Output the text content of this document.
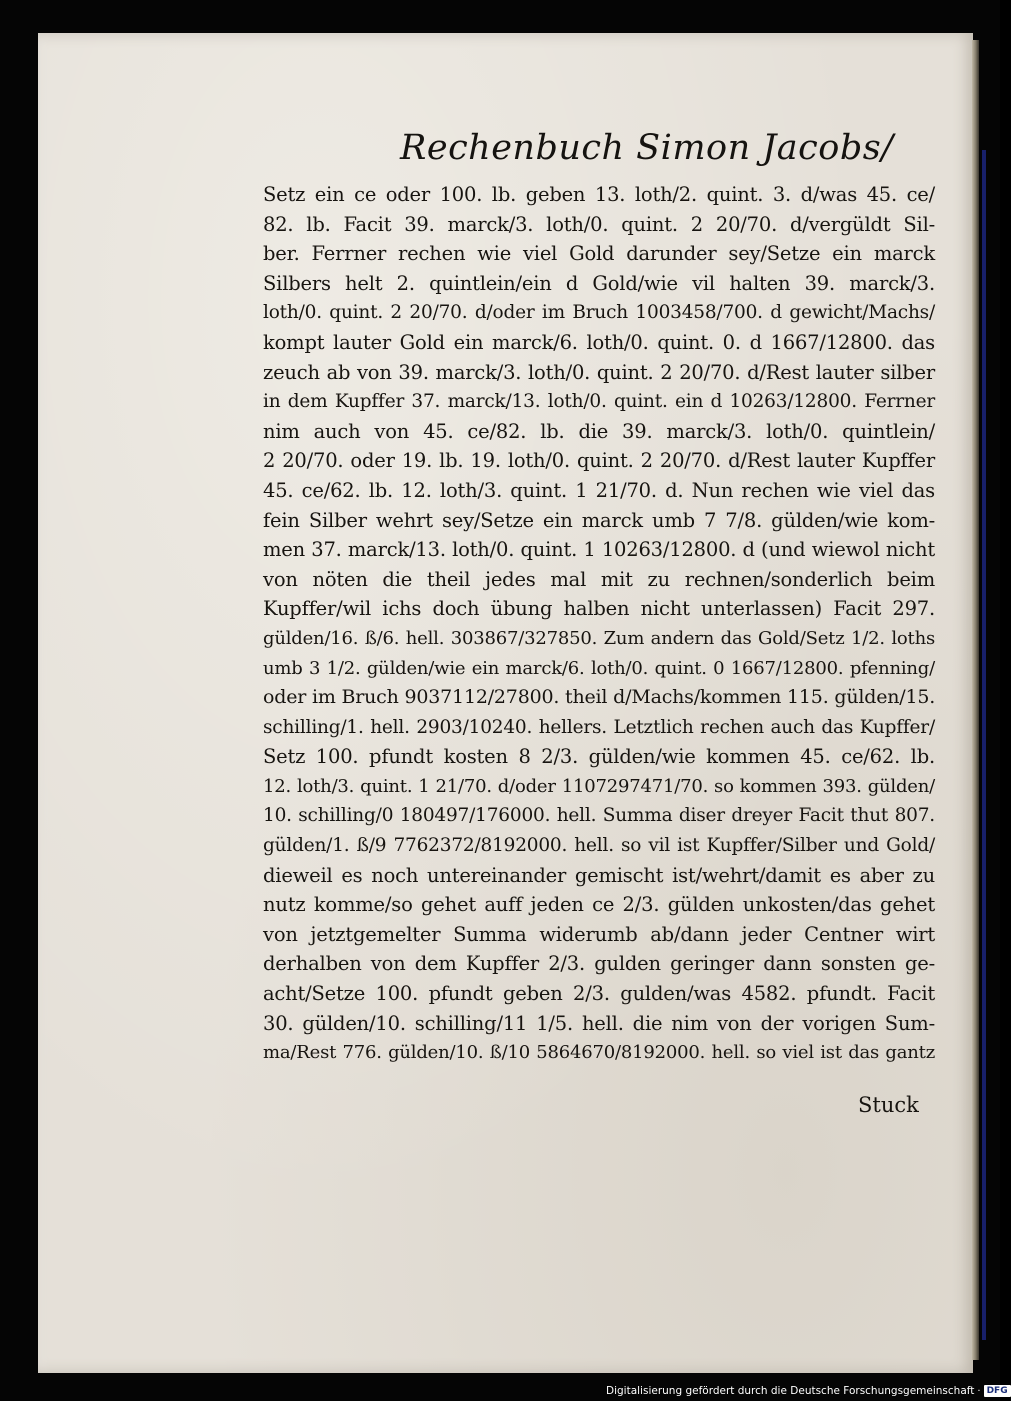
Rechenbuch Simon Jacobs/
Setz ein ce oder 100. lb. geben 13. loth/2. quint. 3. d/was 45. ce/
82. lb. Facit 39. marck/3. loth/0. quint. 2 20/70. d/vergüldt Sil-
ber. Ferrner rechen wie viel Gold darunder sey/Setze ein marck
Silbers helt 2. quintlein/ein d Gold/wie vil halten 39. marck/3.
loth/0. quint. 2 20/70. d/oder im Bruch 1003458/700. d gewicht/Machs/
kompt lauter Gold ein marck/6. loth/0. quint. 0. d 1667/12800. das
zeuch ab von 39. marck/3. loth/0. quint. 2 20/70. d/Rest lauter silber
in dem Kupffer 37. marck/13. loth/0. quint. ein d 10263/12800. Ferrner
nim auch von 45. ce/82. lb. die 39. marck/3. loth/0. quintlein/
2 20/70. oder 19. lb. 19. loth/0. quint. 2 20/70. d/Rest lauter Kupffer
45. ce/62. lb. 12. loth/3. quint. 1 21/70. d. Nun rechen wie viel das
fein Silber wehrt sey/Setze ein marck umb 7 7/8. gülden/wie kom-
men 37. marck/13. loth/0. quint. 1 10263/12800. d (und wiewol nicht
von nöten die theil jedes mal mit zu rechnen/sonderlich beim
Kupffer/wil ichs doch übung halben nicht unterlassen) Facit 297.
gülden/16. ß/6. hell. 303867/327850. Zum andern das Gold/Setz 1/2. loths
umb 3 1/2. gülden/wie ein marck/6. loth/0. quint. 0 1667/12800. pfenning/
oder im Bruch 9037112/27800. theil d/Machs/kommen 115. gülden/15.
schilling/1. hell. 2903/10240. hellers. Letztlich rechen auch das Kupffer/
Setz 100. pfundt kosten 8 2/3. gülden/wie kommen 45. ce/62. lb.
12. loth/3. quint. 1 21/70. d/oder 1107297471/70. so kommen 393. gülden/
10. schilling/0 180497/176000. hell. Summa diser dreyer Facit thut 807.
gülden/1. ß/9 7762372/8192000. hell. so vil ist Kupffer/Silber und Gold/
dieweil es noch untereinander gemischt ist/wehrt/damit es aber zu
nutz komme/so gehet auff jeden ce 2/3. gülden unkosten/das gehet
von jetztgemelter Summa widerumb ab/dann jeder Centner wirt
derhalben von dem Kupffer 2/3. gulden geringer dann sonsten ge-
acht/Setze 100. pfundt geben 2/3. gulden/was 4582. pfundt. Facit
30. gülden/10. schilling/11 1/5. hell. die nim von der vorigen Sum-
ma/Rest 776. gülden/10. ß/10 5864670/8192000. hell. so viel ist das gantz
Stuck
Digitalisierung gefördert durch die Deutsche Forschungsgemeinschaft · DFG
